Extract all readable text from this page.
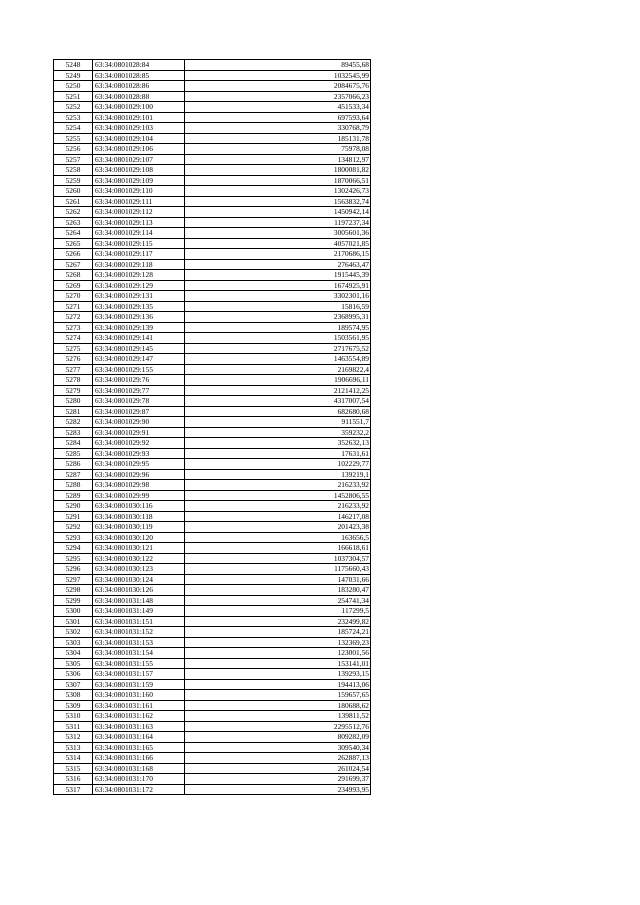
5248	63:34:0801028:84	89455,68
5249	63:34:0801028:85	1032545,99
5250	63:34:0801028:86	2084675,76
5251	63:34:0801028:88	2357066,23
5252	63:34:0801029:100	451533,34
5253	63:34:0801029:101	697593,64
5254	63:34:0801029:103	330768,79
5255	63:34:0801029:104	185131,78
5256	63:34:0801029:106	75978,08
5257	63:34:0801029:107	134812,97
5258	63:34:0801029:108	1800081,82
5259	63:34:0801029:109	1870066,51
5260	63:34:0801029:110	1302426,73
5261	63:34:0801029:111	1563832,74
5262	63:34:0801029:112	1450942,14
5263	63:34:0801029:113	1197237,34
5264	63:34:0801029:114	3005601,36
5265	63:34:0801029:115	4057021,85
5266	63:34:0801029:117	2170686,15
5267	63:34:0801029:118	276463,47
5268	63:34:0801029:128	1915445,39
5269	63:34:0801029:129	1674925,91
5270	63:34:0801029:131	3302301,16
5271	63:34:0801029:135	15816,59
5272	63:34:0801029:136	2368995,31
5273	63:34:0801029:139	189574,95
5274	63:34:0801029:141	1503561,95
5275	63:34:0801029:145	2717675,52
5276	63:34:0801029:147	1463554,89
5277	63:34:0801029:155	2169822,4
5278	63:34:0801029:76	1906696,11
5279	63:34:0801029:77	2121412,25
5280	63:34:0801029:78	4317007,54
5281	63:34:0801029:87	682680,68
5282	63:34:0801029:90	911551,7
5283	63:34:0801029:91	359232,2
5284	63:34:0801029:92	352632,13
5285	63:34:0801029:93	17631,61
5286	63:34:0801029:95	102229,77
5287	63:34:0801029:96	139219,1
5288	63:34:0801029:98	216233,92
5289	63:34:0801029:99	1452806,55
5290	63:34:0801030:116	216233,92
5291	63:34:0801030:118	146217,08
5292	63:34:0801030:119	201423,38
5293	63:34:0801030:120	163656,5
5294	63:34:0801030:121	166618,61
5295	63:34:0801030:122	1037304,57
5296	63:34:0801030:123	1175660,43
5297	63:34:0801030:124	147031,66
5298	63:34:0801030:126	183280,47
5299	63:34:0801031:148	254741,34
5300	63:34:0801031:149	117299,5
5301	63:34:0801031:151	232499,82
5302	63:34:0801031:152	185724,21
5303	63:34:0801031:153	132369,23
5304	63:34:0801031:154	123001,56
5305	63:34:0801031:155	153141,01
5306	63:34:0801031:157	139293,15
5307	63:34:0801031:159	194413,06
5308	63:34:0801031:160	159657,65
5309	63:34:0801031:161	180688,62
5310	63:34:0801031:162	139811,52
5311	63:34:0801031:163	2295512,76
5312	63:34:0801031:164	809282,09
5313	63:34:0801031:165	309540,34
5314	63:34:0801031:166	262887,13
5315	63:34:0801031:168	261024,54
5316	63:34:0801031:170	291699,37
5317	63:34:0801031:172	234993,95
